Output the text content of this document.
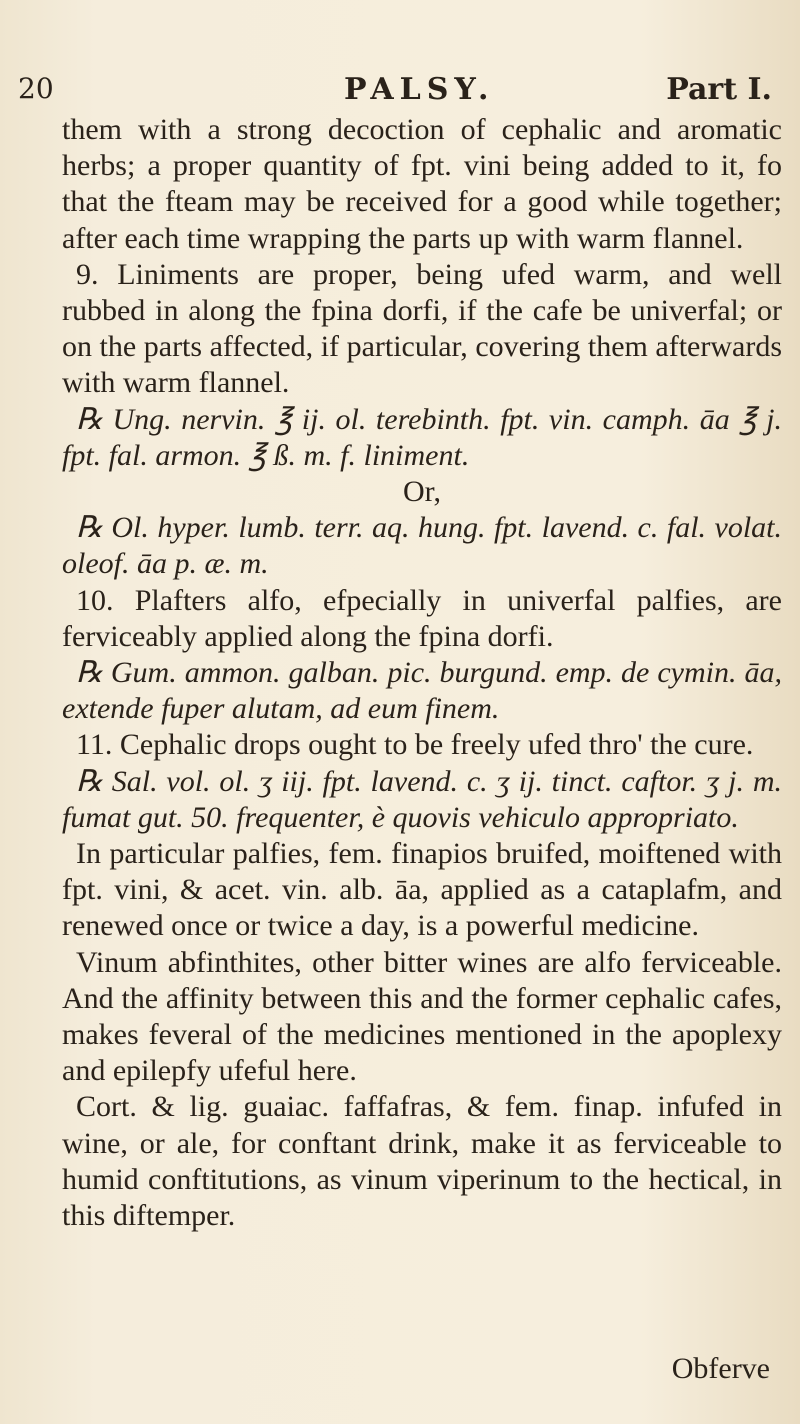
20	PALSY.	Part I.

them with a strong decoction of cephalic and aromatic herbs; a proper quantity of fpt. vini being added to it, fo that the fteam may be received for a good while together; after each time wrapping the parts up with warm flannel.

9. Liniments are proper, being ufed warm, and well rubbed in along the fpina dorfi, if the cafe be univerfal; or on the parts affected, if particular, covering them afterwards with warm flannel.

℞ Ung. nervin. ℥ ij. ol. terebinth. fpt. vin. camph. āa ℥ j. fpt. fal. armon. ℥ ß. m. f. liniment.

Or,

℞ Ol. hyper. lumb. terr. aq. hung. fpt. lavend. c. fal. volat. oleof. āa p. æ. m.

10. Plafters alfo, efpecially in univerfal palfies, are ferviceably applied along the fpina dorfi.

℞ Gum. ammon. galban. pic. burgund. emp. de cymin. āa, extende fuper alutam, ad eum finem.

11. Cephalic drops ought to be freely ufed thro' the cure.

℞ Sal. vol. ol. ʒ iij. fpt. lavend. c. ʒ ij. tinct. caftor. ʒ j. m. fumat gut. 50. frequenter, è quovis vehiculo appropriato.

In particular palfies, fem. finapios bruifed, moiftened with fpt. vini, & acet. vin. alb. āa, applied as a cataplafm, and renewed once or twice a day, is a powerful medicine.

Vinum abfinthites, other bitter wines are alfo ferviceable. And the affinity between this and the former cephalic cafes, makes feveral of the medicines mentioned in the apoplexy and epilepfy ufeful here.

Cort. & lig. guaiac. faffafras, & fem. finap. infufed in wine, or ale, for conftant drink, make it as ferviceable to humid conftitutions, as vinum viperinum to the hectical, in this diftemper.

Obferve
